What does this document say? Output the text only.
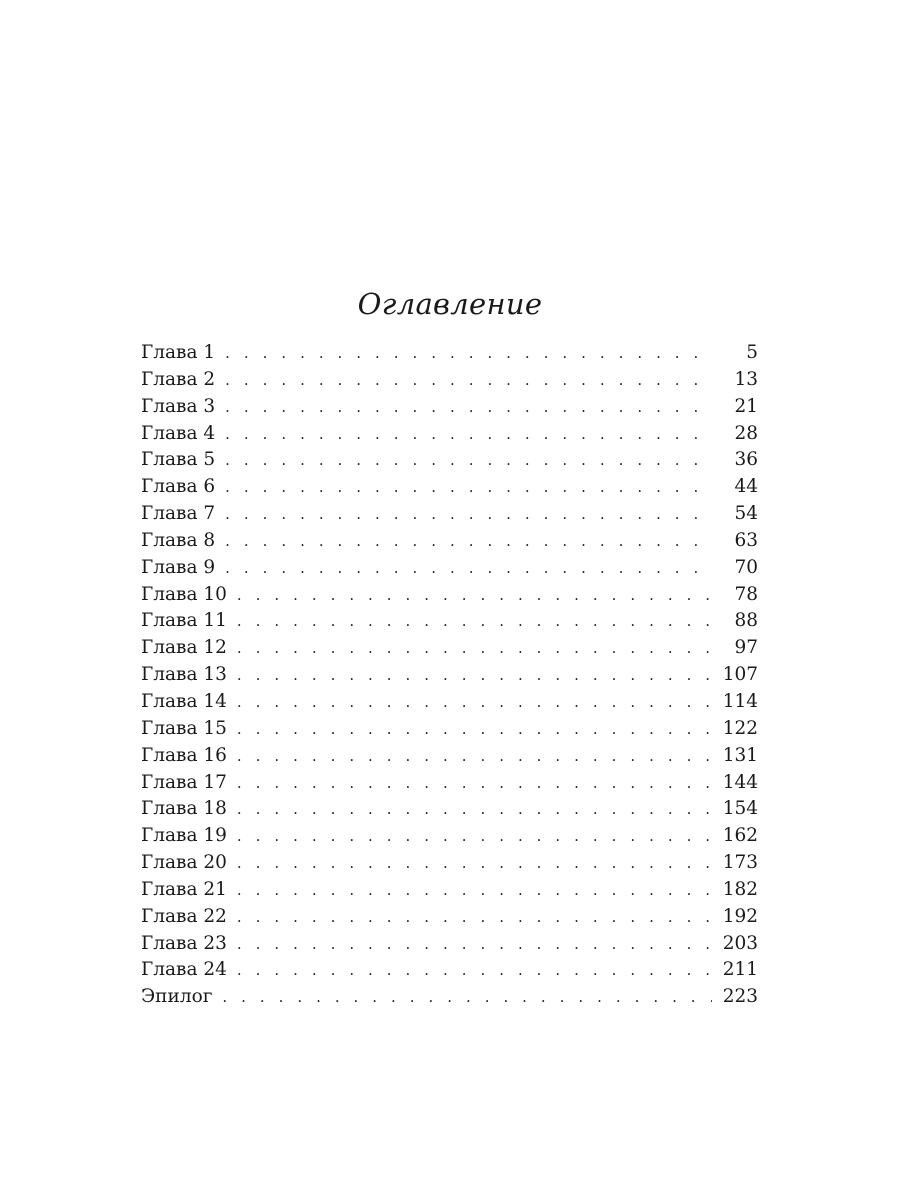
Оглавление
Глава 1 . . .	5
Глава 2 . . .	13
Глава 3 . . .	21
Глава 4 . . .	28
Глава 5 . . .	36
Глава 6 . . .	44
Глава 7 . . .	54
Глава 8 . . .	63
Глава 9 . . .	70
Глава 10 . . .	78
Глава 11 . . .	88
Глава 12 . . .	97
Глава 13 . . .	107
Глава 14 . . .	114
Глава 15 . . .	122
Глава 16 . . .	131
Глава 17 . . .	144
Глава 18 . . .	154
Глава 19 . . .	162
Глава 20 . . .	173
Глава 21 . . .	182
Глава 22 . . .	192
Глава 23 . . .	203
Глава 24 . . .	211
Эпилог . . .	223
